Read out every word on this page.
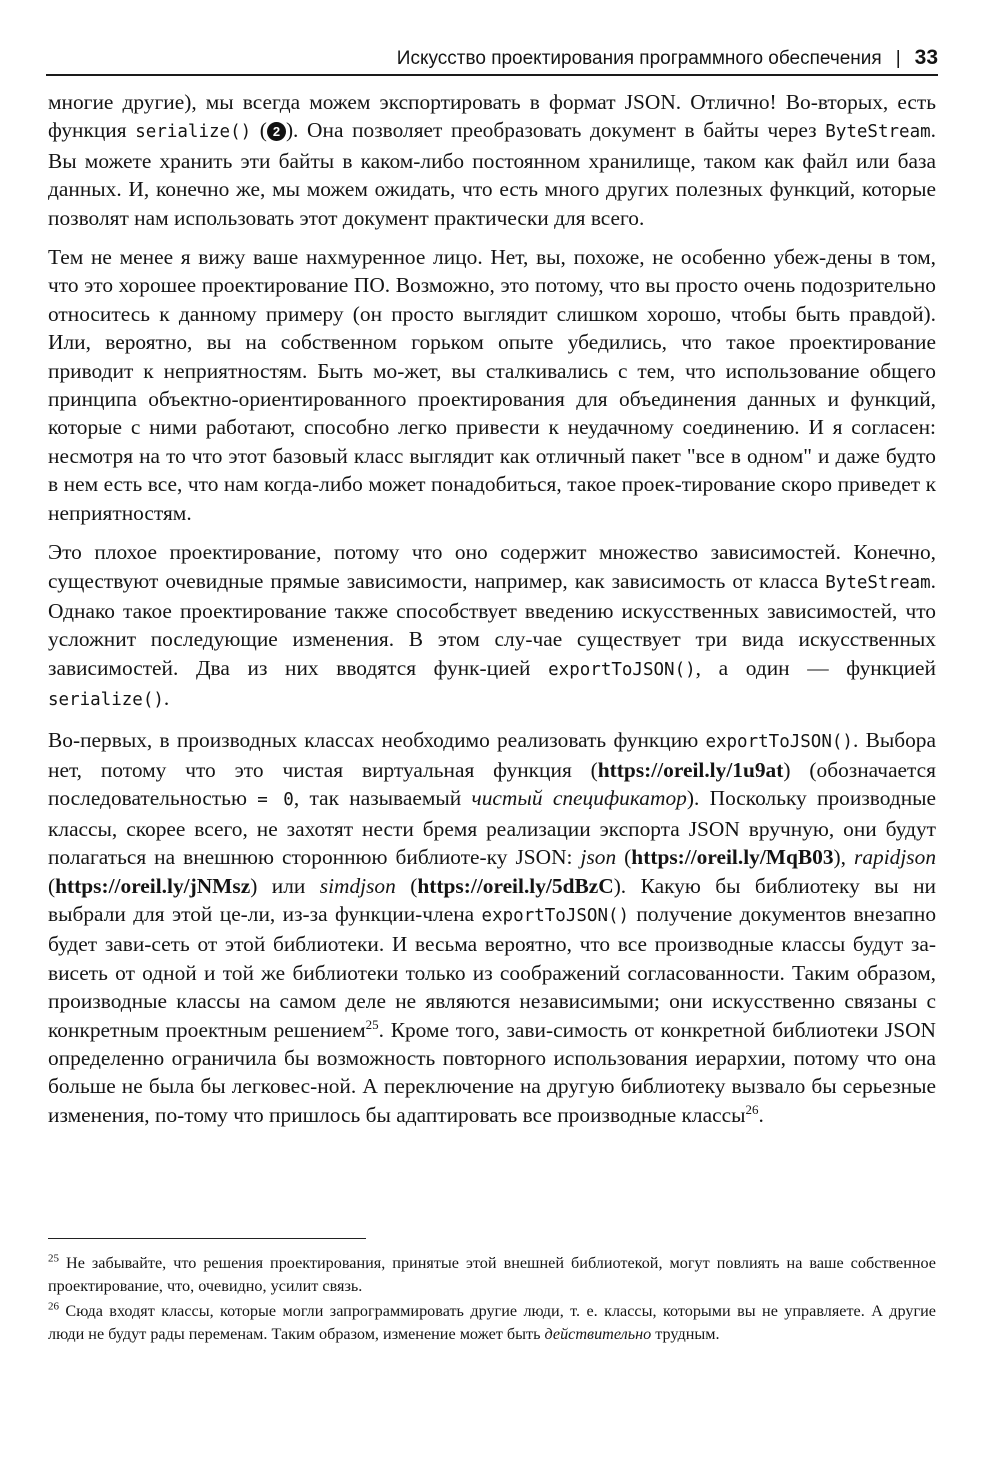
Искусство проектирования программного обеспечения | 33

многие другие), мы всегда можем экспортировать в формат JSON. Отлично! Во-вторых, есть функция serialize() ( 2 ). Она позволяет преобразовать документ в байты через ByteStream. Вы можете хранить эти байты в каком-либо постоянном хранилище, таком как файл или база данных. И, конечно же, мы можем ожидать, что есть много других полезных функций, которые позволят нам использовать этот документ практически для всего.

Тем не менее я вижу ваше нахмуренное лицо. Нет, вы, похоже, не особенно убеж-дены в том, что это хорошее проектирование ПО. Возможно, это потому, что вы просто очень подозрительно относитесь к данному примеру (он просто выглядит слишком хорошо, чтобы быть правдой). Или, вероятно, вы на собственном горьком опыте убедились, что такое проектирование приводит к неприятностям. Быть мо-жет, вы сталкивались с тем, что использование общего принципа объектно-ориентированного проектирования для объединения данных и функций, которые с ними работают, способно легко привести к неудачному соединению. И я согласен: несмотря на то что этот базовый класс выглядит как отличный пакет "все в одном" и даже будто в нем есть все, что нам когда-либо может понадобиться, такое проек-тирование скоро приведет к неприятностям.

Это плохое проектирование, потому что оно содержит множество зависимостей. Конечно, существуют очевидные прямые зависимости, например, как зависимость от класса ByteStream. Однако такое проектирование также способствует введению искусственных зависимостей, что усложнит последующие изменения. В этом слу-чае существует три вида искусственных зависимостей. Два из них вводятся функ-цией exportToJSON(), а один — функцией serialize().

Во-первых, в производных классах необходимо реализовать функцию exportToJSON(). Выбора нет, потому что это чистая виртуальная функция (https://oreil.ly/1u9at) (обозначается последовательностью = 0, так называемый чистый спецификатор). Поскольку производные классы, скорее всего, не захотят нести бремя реализации экспорта JSON вручную, они будут полагаться на внешнюю стороннюю библиоте-ку JSON: json (https://oreil.ly/MqB03), rapidjson (https://oreil.ly/jNMsz) или simdjson (https://oreil.ly/5dBzC). Какую бы библиотеку вы ни выбрали для этой це-ли, из-за функции-члена exportToJSON() получение документов внезапно будет зави-сеть от этой библиотеки. И весьма вероятно, что все производные классы будут за-висеть от одной и той же библиотеки только из соображений согласованности. Таким образом, производные классы на самом деле не являются независимыми; они искусственно связаны с конкретным проектным решением$^{25}$. Кроме того, зави-симость от конкретной библиотеки JSON определенно ограничила бы возможность повторного использования иерархии, потому что она больше не была бы легковес-ной. А переключение на другую библиотеку вызвало бы серьезные изменения, по-тому что пришлось бы адаптировать все производные классы$^{26}$.

$^{25}$ Не забывайте, что решения проектирования, принятые этой внешней библиотекой, могут повлиять на ваше собственное проектирование, что, очевидно, усилит связь.

$^{26}$ Сюда входят классы, которые могли запрограммировать другие люди, т. е. классы, которыми вы не управляете. А другие люди не будут рады переменам. Таким образом, изменение может быть действительно трудным.
